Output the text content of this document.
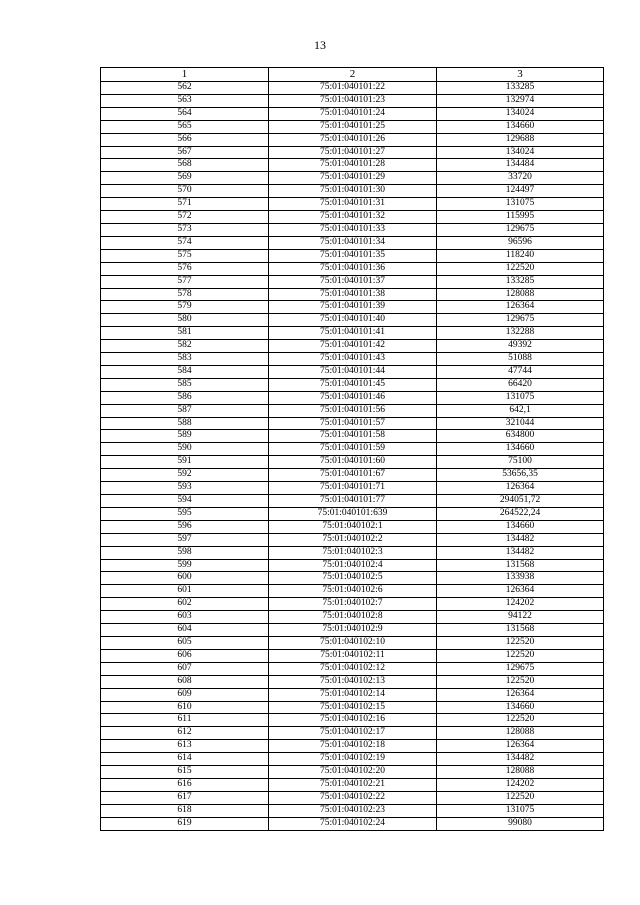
13
1	2	3
562	75:01:040101:22	133285
563	75:01:040101:23	132974
564	75:01:040101:24	134024
565	75:01:040101:25	134660
566	75:01:040101:26	129688
567	75:01:040101:27	134024
568	75:01:040101:28	134484
569	75:01:040101:29	33720
570	75:01:040101:30	124497
571	75:01:040101:31	131075
572	75:01:040101:32	115995
573	75:01:040101:33	129675
574	75:01:040101:34	96596
575	75:01:040101:35	118240
576	75:01:040101:36	122520
577	75:01:040101:37	133285
578	75:01:040101:38	128088
579	75:01:040101:39	126364
580	75:01:040101:40	129675
581	75:01:040101:41	132288
582	75:01:040101:42	49392
583	75:01:040101:43	51088
584	75:01:040101:44	47744
585	75:01:040101:45	66420
586	75:01:040101:46	131075
587	75:01:040101:56	642,1
588	75:01:040101:57	321044
589	75:01:040101:58	634800
590	75:01:040101:59	134660
591	75:01:040101:60	75100
592	75:01:040101:67	53656,35
593	75:01:040101:71	126364
594	75:01:040101:77	294051,72
595	75:01:040101:639	264522,24
596	75:01:040102:1	134660
597	75:01:040102:2	134482
598	75:01:040102:3	134482
599	75:01:040102:4	131568
600	75:01:040102:5	133938
601	75:01:040102:6	126364
602	75:01:040102:7	124202
603	75:01:040102:8	94122
604	75:01:040102:9	131568
605	75:01:040102:10	122520
606	75:01:040102:11	122520
607	75:01:040102:12	129675
608	75:01:040102:13	122520
609	75:01:040102:14	126364
610	75:01:040102:15	134660
611	75:01:040102:16	122520
612	75:01:040102:17	128088
613	75:01:040102:18	126364
614	75:01:040102:19	134482
615	75:01:040102:20	128088
616	75:01:040102:21	124202
617	75:01:040102:22	122520
618	75:01:040102:23	131075
619	75:01:040102:24	99080
